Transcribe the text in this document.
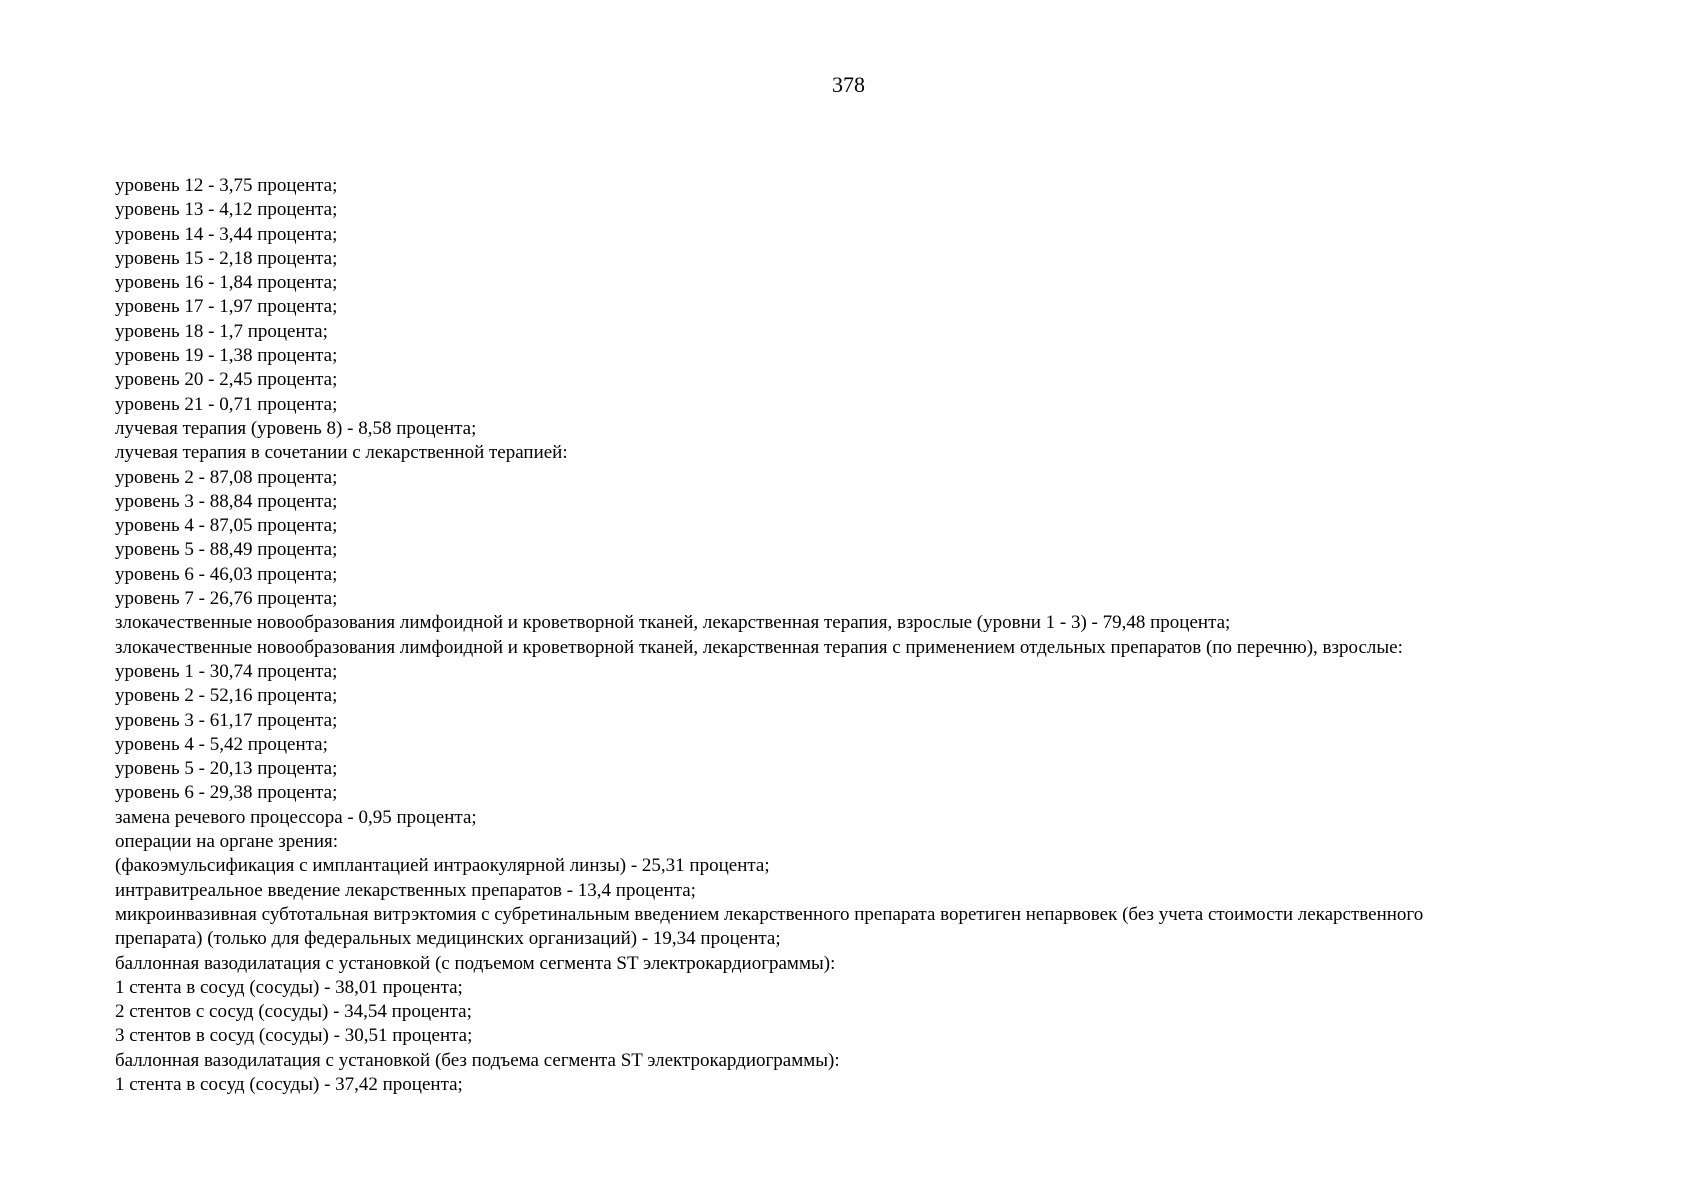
378

уровень 12 - 3,75 процента;

уровень 13 - 4,12 процента;

уровень 14 - 3,44 процента;

уровень 15 - 2,18 процента;

уровень 16 - 1,84 процента;

уровень 17 - 1,97 процента;

уровень 18 - 1,7 процента;

уровень 19 - 1,38 процента;

уровень 20 - 2,45 процента;

уровень 21 - 0,71 процента;

лучевая терапия (уровень 8) - 8,58 процента;

лучевая терапия в сочетании с лекарственной терапией:

уровень 2 - 87,08 процента;

уровень 3 - 88,84 процента;

уровень 4 - 87,05 процента;

уровень 5 - 88,49 процента;

уровень 6 - 46,03 процента;

уровень 7 - 26,76 процента;

злокачественные новообразования лимфоидной и кроветворной тканей, лекарственная терапия, взрослые (уровни 1 - 3) - 79,48 процента;

злокачественные новообразования лимфоидной и кроветворной тканей, лекарственная терапия с применением отдельных препаратов (по перечню), взрослые:

уровень 1 - 30,74 процента;

уровень 2 - 52,16 процента;

уровень 3 - 61,17 процента;

уровень 4 - 5,42 процента;

уровень 5 - 20,13 процента;

уровень 6 - 29,38 процента;

замена речевого процессора - 0,95 процента;

операции на органе зрения:

(факоэмульсификация с имплантацией интраокулярной линзы) - 25,31 процента;

интравитреальное введение лекарственных препаратов - 13,4 процента;

микроинвазивная субтотальная витрэктомия с субретинальным введением лекарственного препарата воретиген непарвовек (без учета стоимости лекарственного

препарата) (только для федеральных медицинских организаций) - 19,34 процента;

баллонная вазодилатация с установкой (с подъемом сегмента ST электрокардиограммы):

1 стента в сосуд (сосуды) - 38,01 процента;

2 стентов с сосуд (сосуды) - 34,54 процента;

3 стентов в сосуд (сосуды) - 30,51 процента;

баллонная вазодилатация с установкой (без подъема сегмента ST электрокардиограммы):

1 стента в сосуд (сосуды) - 37,42 процента;
